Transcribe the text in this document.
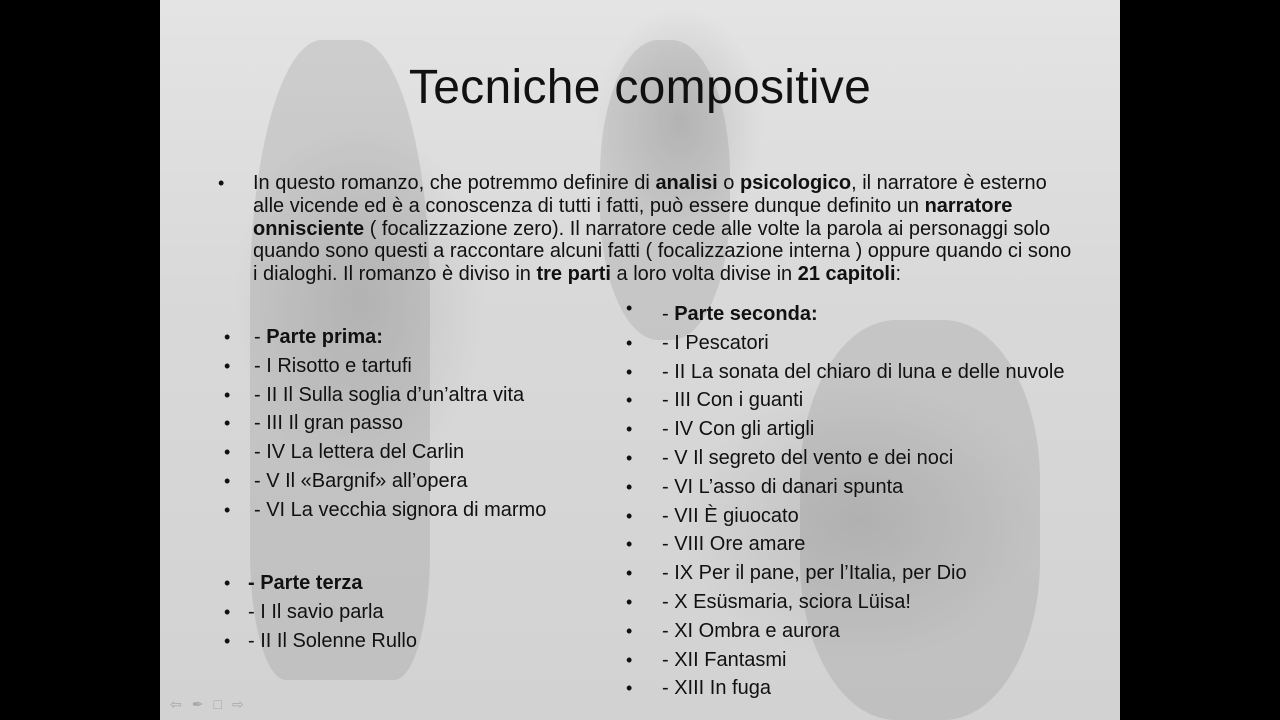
Tecniche compositive
• In questo romanzo, che potremmo definire di analisi o psicologico, il narratore è esterno alle vicende ed è a conoscenza di tutti i fatti, può essere dunque definito un narratore onnisciente ( focalizzazione zero). Il narratore cede alle volte la parola ai personaggi solo quando sono questi a raccontare alcuni fatti ( focalizzazione interna ) oppure quando ci sono i dialoghi. Il romanzo è diviso in tre parti a loro volta divise in 21 capitoli:

• - Parte prima:
• - I Risotto e tartufi
• - II Il Sulla soglia d’un’altra vita
• - III Il gran passo
• - IV La lettera del Carlin
• - V Il «Bargnif» all’opera
• - VI La vecchia signora di marmo
• - Parte terza
• - I Il savio parla
• - II Il Solenne Rullo
• - Parte seconda:
• - I Pescatori
• - II La sonata del chiaro di luna e delle nuvole
• - III Con i guanti
• - IV Con gli artigli
• - V Il segreto del vento e dei noci
• - VI L’asso di danari spunta
• - VII È giuocato
• - VIII Ore amare
• - IX Per il pane, per l’Italia, per Dio
• - X Esüsmaria, sciora Lüisa!
• - XI Ombra e aurora
• - XII Fantasmi
• - XIII In fuga
⇦ ✒ □ ⇨
